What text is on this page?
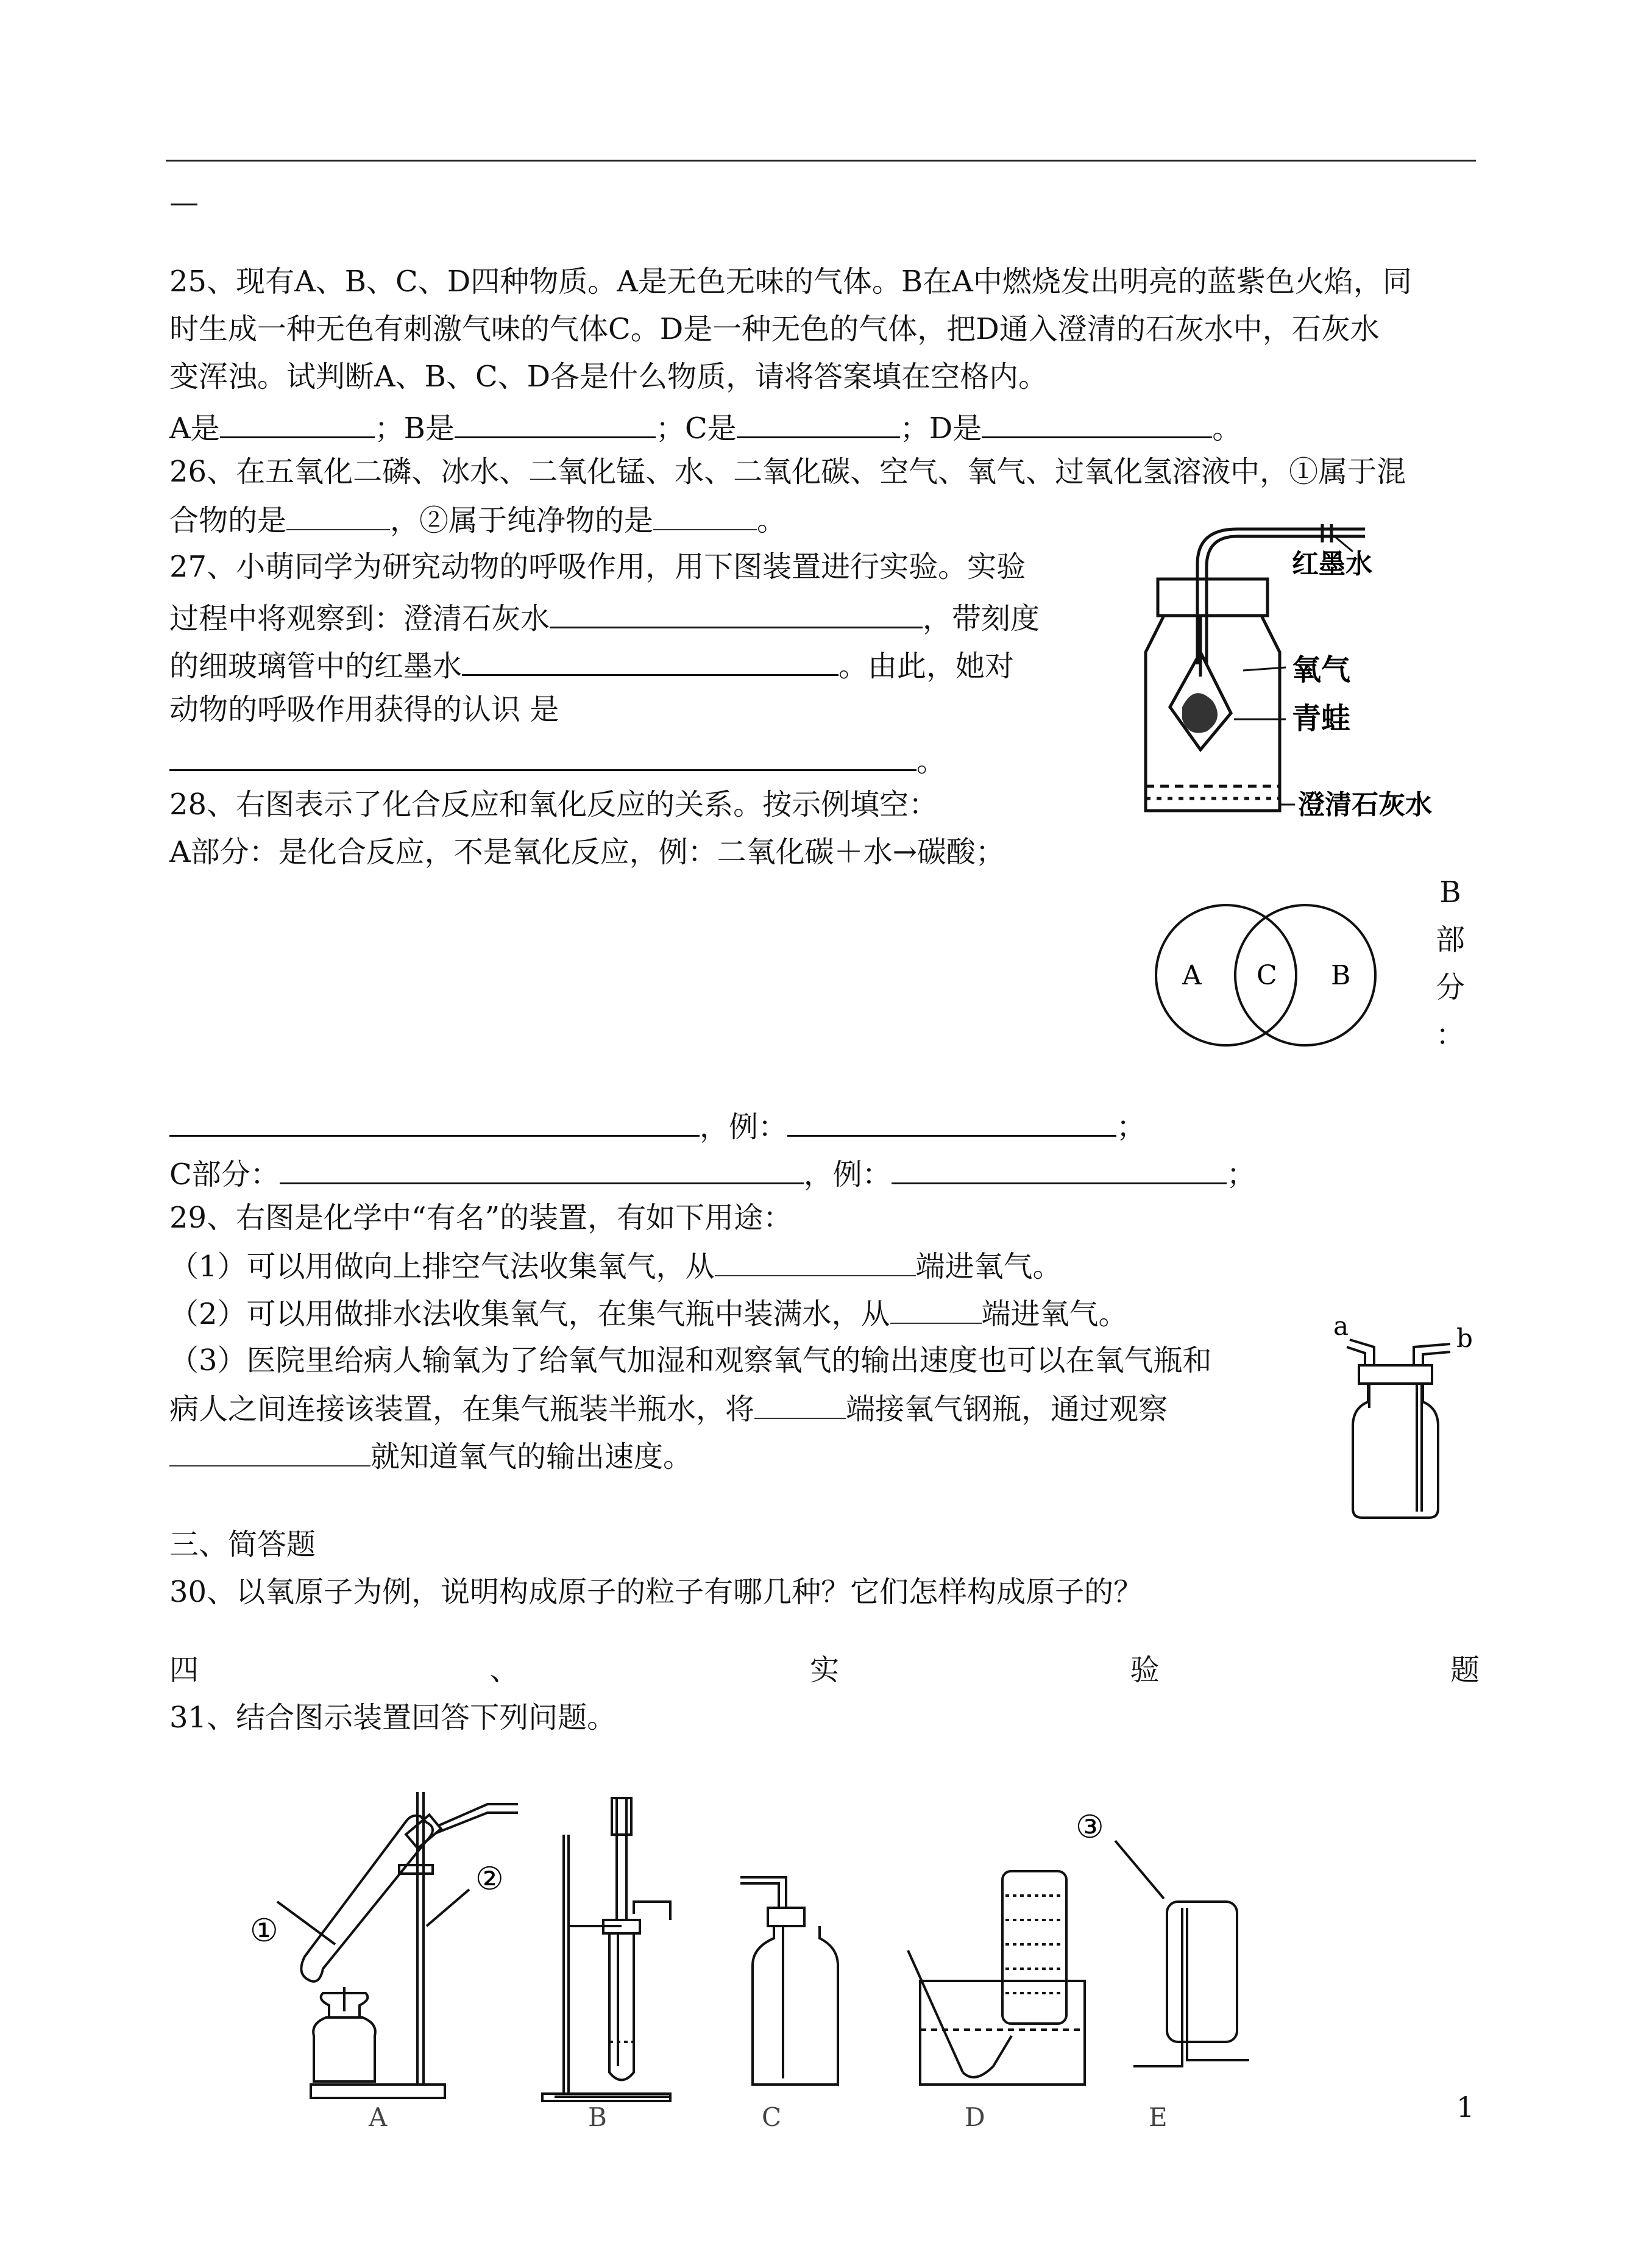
—
25、现有A、B、C、D四种物质。A是无色无味的气体。B在A中燃烧发出明亮的蓝紫色火焰，同
时生成一种无色有刺激气味的气体C。D是一种无色的气体，把D通入澄清的石灰水中，石灰水
变浑浊。试判断A、B、C、D各是什么物质，请将答案填在空格内。
A是	；B是	；C是	；D是	。
26、在五氧化二磷、冰水、二氧化锰、水、二氧化碳、空气、氧气、过氧化氢溶液中，①属于混
合物的是	，②属于纯净物的是	。
27、小萌同学为研究动物的呼吸作用，用下图装置进行实验。实验
过程中将观察到：澄清石灰水	，带刻度
的细玻璃管中的红墨水	。由此，她对
动物的呼吸作用获得的认识 是
。
红墨水
氧气
青蛙
澄清石灰水
28、右图表示了化合反应和氧化反应的关系。按示例填空：
A部分：是化合反应，不是氧化反应，例：二氧化碳＋水→碳酸；
B
部
分
：
A C B
，例：	；
C部分：	，例：	；
29、右图是化学中“有名”的装置，有如下用途：
（1）可以用做向上排空气法收集氧气，从	端进氧气。
（2）可以用做排水法收集氧气，在集气瓶中装满水，从	端进氧气。
（3）医院里给病人输氧为了给氧气加湿和观察氧气的输出速度也可以在氧气瓶和
病人之间连接该装置，在集气瓶装半瓶水，将	端接氧气钢瓶，通过观察
就知道氧气的输出速度。
a	b
三、简答题
30、以氧原子为例，说明构成原子的粒子有哪几种？它们怎样构成原子的？
四	、	实	验	题
31、结合图示装置回答下列问题。
①
②
③
A	B	C	D	E	1
